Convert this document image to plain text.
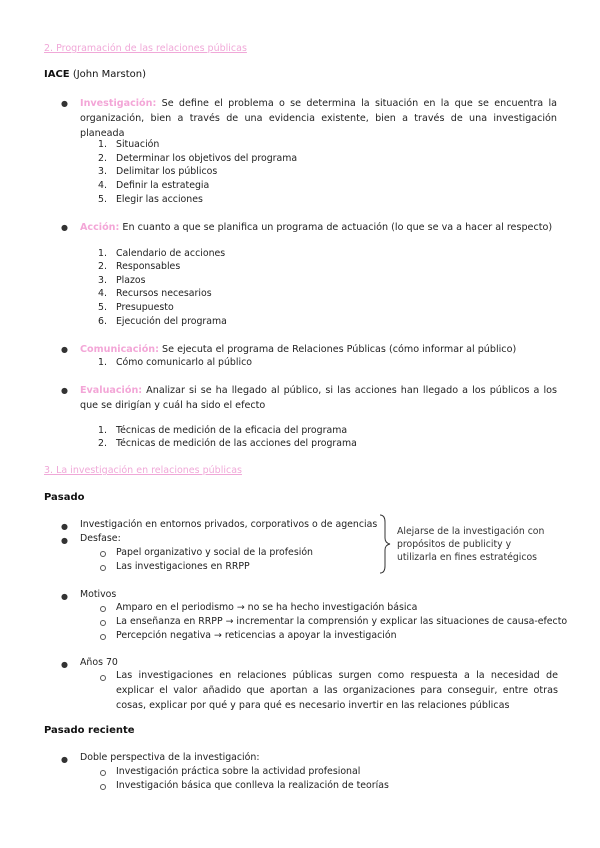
2. Programación de las relaciones públicas
IACE (John Marston)
● Investigación: Se define el problema o se determina la situación en la que se encuentra la organización, bien a través de una evidencia existente, bien a través de una investigación planeada
1. Situación
2. Determinar los objetivos del programa
3. Delimitar los públicos
4. Definir la estrategia
5. Elegir las acciones
● Acción: En cuanto a que se planifica un programa de actuación (lo que se va a hacer al respecto)
1. Calendario de acciones
2. Responsables
3. Plazos
4. Recursos necesarios
5. Presupuesto
6. Ejecución del programa
● Comunicación: Se ejecuta el programa de Relaciones Públicas (cómo informar al público)
1. Cómo comunicarlo al público
● Evaluación: Analizar si se ha llegado al público, si las acciones han llegado a los públicos a los que se dirigían y cuál ha sido el efecto
1. Técnicas de medición de la eficacia del programa
2. Técnicas de medición de las acciones del programa
3. La investigación en relaciones públicas
Pasado
● Investigación en entornos privados, corporativos o de agencias
● Desfase:
Papel organizativo y social de la profesión
Las investigaciones en RRPP
Alejarse de la investigación con
propósitos de publicity y
utilizarla en fines estratégicos
● Motivos
Amparo en el periodismo → no se ha hecho investigación básica
La enseñanza en RRPP → incrementar la comprensión y explicar las situaciones de causa-efecto
Percepción negativa → reticencias a apoyar la investigación
● Años 70
Las investigaciones en relaciones públicas surgen como respuesta a la necesidad de explicar el valor añadido que aportan a las organizaciones para conseguir, entre otras cosas, explicar por qué y para qué es necesario invertir en las relaciones públicas
Pasado reciente
● Doble perspectiva de la investigación:
Investigación práctica sobre la actividad profesional
Investigación básica que conlleva la realización de teorías
